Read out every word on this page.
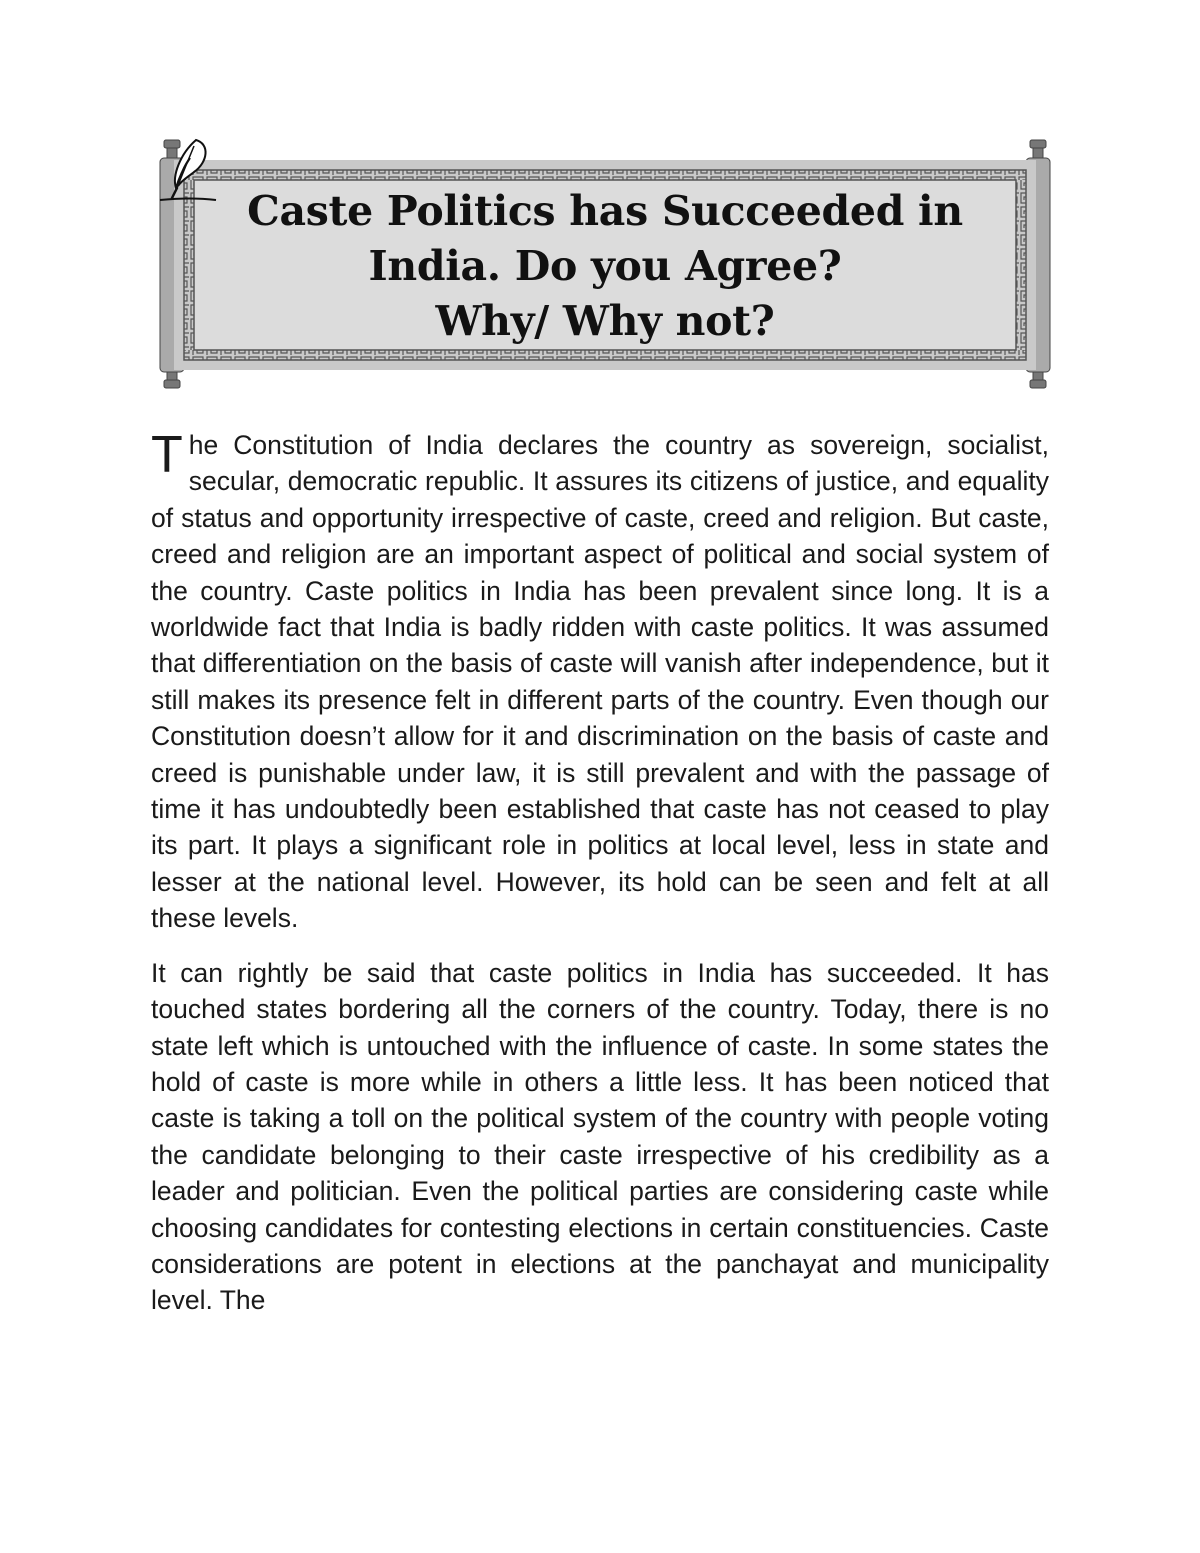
Caste Politics has Succeeded in
India. Do you Agree?
Why/ Why not?

The Constitution of India declares the country as sovereign, socialist, secular, democratic republic. It assures its citizens of justice, and equality of status and opportunity irrespective of caste, creed and religion. But caste, creed and religion are an important aspect of political and social system of the country. Caste politics in India has been prevalent since long. It is a worldwide fact that India is badly ridden with caste politics. It was assumed that differentiation on the basis of caste will vanish after independence, but it still makes its presence felt in different parts of the country. Even though our Constitution doesn’t allow for it and discrimination on the basis of caste and creed is punishable under law, it is still prevalent and with the passage of time it has undoubtedly been established that caste has not ceased to play its part. It plays a significant role in politics at local level, less in state and lesser at the national level. However, its hold can be seen and felt at all these levels.

It can rightly be said that caste politics in India has succeeded. It has touched states bordering all the corners of the country. Today, there is no state left which is untouched with the influence of caste. In some states the hold of caste is more while in others a little less. It has been noticed that caste is taking a toll on the political system of the country with people voting the candidate belonging to their caste irrespective of his credibility as a leader and politician. Even the political parties are considering caste while choosing candidates for contesting elections in certain constituencies. Caste considerations are potent in elections at the panchayat and municipality level. The
